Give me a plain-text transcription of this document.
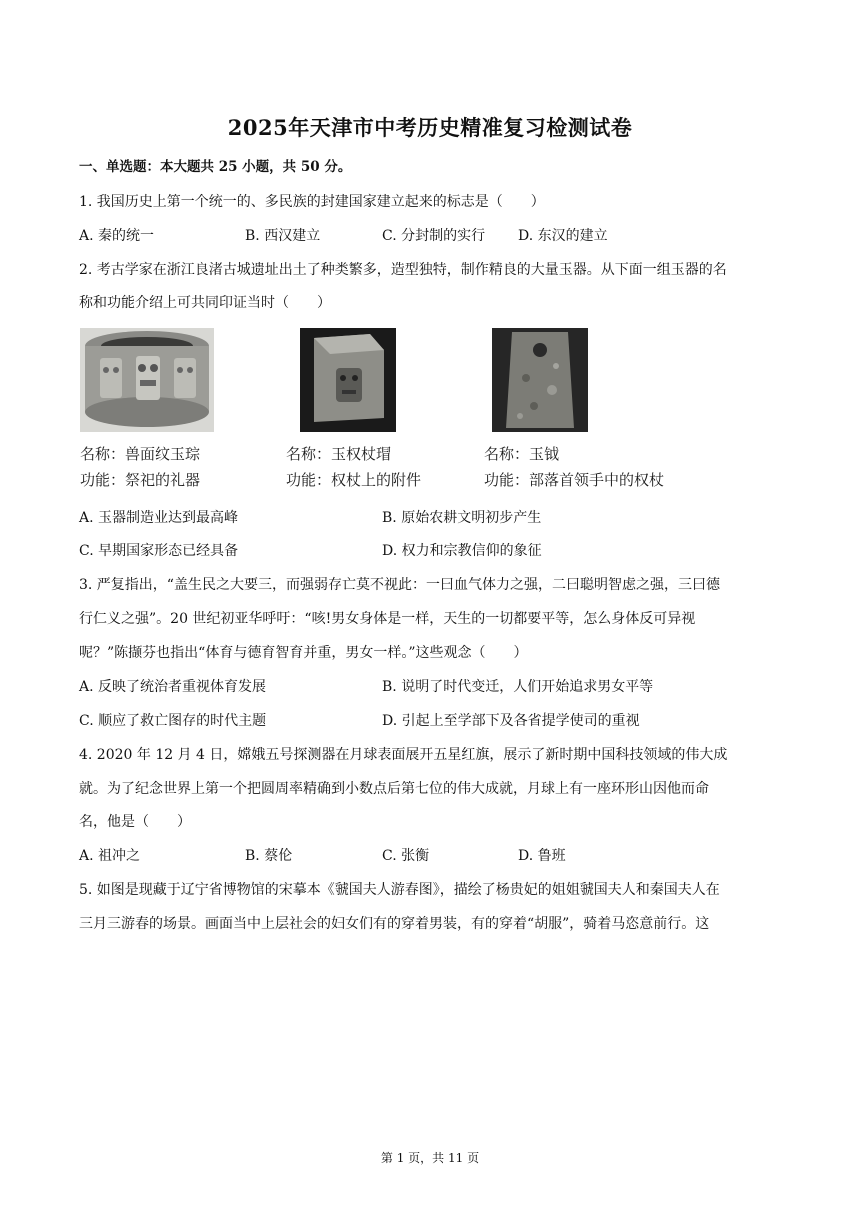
2025年天津市中考历史精准复习检测试卷
一、单选题：本大题共 25 小题，共 50 分。
1. 我国历史上第一个统一的、多民族的封建国家建立起来的标志是（　　）
A. 秦的统一	B. 西汉建立	C. 分封制的实行 D. 东汉的建立
2. 考古学家在浙江良渚古城遗址出土了种类繁多，造型独特，制作精良的大量玉器。从下面一组玉器的名
称和功能介绍上可共同印证当时（　　）
名称：兽面纹玉琮
功能：祭祀的礼器
名称：玉权杖瑁
功能：权杖上的附件
名称：玉钺
功能：部落首领手中的权杖
A. 玉器制造业达到最高峰	B. 原始农耕文明初步产生
C. 早期国家形态已经具备	D. 权力和宗教信仰的象征
3. 严复指出，“盖生民之大要三，而强弱存亡莫不视此：一曰血气体力之强，二曰聪明智虑之强，三曰德
行仁义之强”。20 世纪初亚华呼吁：“咳!男女身体是一样，天生的一切都要平等，怎么身体反可异视
呢？”陈撷芬也指出“体育与德育智育并重，男女一样。”这些观念（　　）
A. 反映了统治者重视体育发展	B. 说明了时代变迁，人们开始追求男女平等
C. 顺应了救亡图存的时代主题	D. 引起上至学部下及各省提学使司的重视
4. 2020 年 12 月 4 日，嫦娥五号探测器在月球表面展开五星红旗，展示了新时期中国科技领域的伟大成
就。为了纪念世界上第一个把圆周率精确到小数点后第七位的伟大成就，月球上有一座环形山因他而命
名，他是（　　）
A. 祖冲之	B. 蔡伦	C. 张衡	D. 鲁班
5. 如图是现藏于辽宁省博物馆的宋摹本《虢国夫人游春图》，描绘了杨贵妃的姐姐虢国夫人和秦国夫人在
三月三游春的场景。画面当中上层社会的妇女们有的穿着男装，有的穿着“胡服”，骑着马恣意前行。这
第 1 页，共 11 页
